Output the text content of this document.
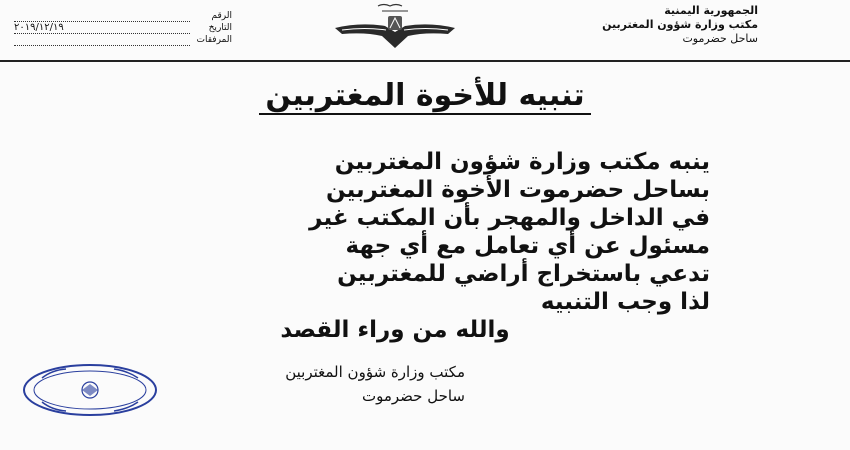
الجمهورية اليمنية
مكتب وزارة شؤون المغتربين
ساحل حضرموت
الرقم
التاريخ
٢٠١٩/١٢/١٩
المرفقات
تنبيه للأخوة المغتربين
ينبه مكتب وزارة شؤون المغتربين
بساحل حضرموت الأخوة المغتربين
في الداخل والمهجر بأن المكتب غير
مسئول عن أي تعامل مع أي جهة
تدعي باستخراج أراضي للمغتربين
لذا وجب التنبيه
والله من وراء القصد
مكتب وزارة شؤون المغتربين
ساحل حضرموت
